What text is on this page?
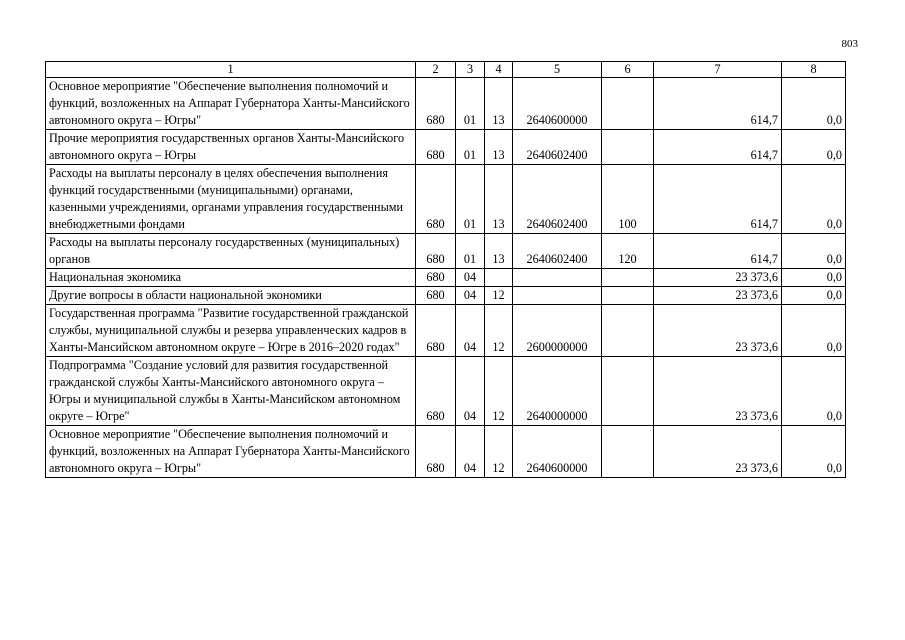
803
1	2	3	4	5	6	7	8
Основное мероприятие "Обеспечение выполнения полномочий и функций, возложенных на Аппарат Губернатора Ханты-Мансийского автономного округа – Югры"	680	01	13	2640600000		614,7	0,0
Прочие мероприятия государственных органов Ханты-Мансийского автономного округа – Югры	680	01	13	2640602400		614,7	0,0
Расходы на выплаты персоналу в целях обеспечения выполнения функций государственными (муниципальными) органами, казенными учреждениями, органами управления государственными внебюджетными фондами	680	01	13	2640602400	100	614,7	0,0
Расходы на выплаты персоналу государственных (муниципальных) органов	680	01	13	2640602400	120	614,7	0,0
Национальная экономика	680	04				23 373,6	0,0
Другие вопросы в области национальной экономики	680	04	12			23 373,6	0,0
Государственная программа "Развитие государственной гражданской службы, муниципальной службы и резерва управленческих кадров в Ханты-Мансийском автономном округе – Югре в 2016–2020 годах"	680	04	12	2600000000		23 373,6	0,0
Подпрограмма "Создание условий для развития государственной гражданской службы Ханты-Мансийского автономного округа – Югры и муниципальной службы в Ханты-Мансийском автономном округе – Югре"	680	04	12	2640000000		23 373,6	0,0
Основное мероприятие "Обеспечение выполнения полномочий и функций, возложенных на Аппарат Губернатора Ханты-Мансийского автономного округа – Югры"	680	04	12	2640600000		23 373,6	0,0
